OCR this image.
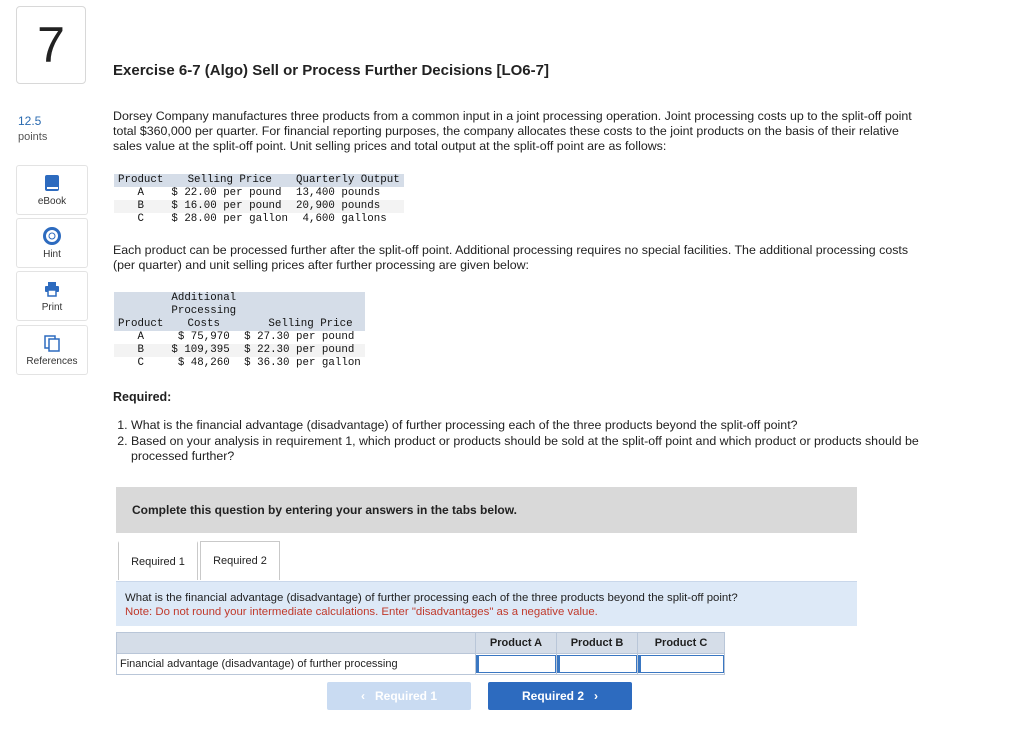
7
12.5
points
eBook
Hint
Print
References
Exercise 6-7 (Algo) Sell or Process Further Decisions [LO6-7]
Dorsey Company manufactures three products from a common input in a joint processing operation. Joint processing costs up to the split-off point total $360,000 per quarter. For financial reporting purposes, the company allocates these costs to the joint products on the basis of their relative sales value at the split-off point. Unit selling prices and total output at the split-off point are as follows:
Product	Selling Price	Quarterly Output
A	$ 22.00 per pound	13,400 pounds
B	$ 16.00 per pound	20,900 pounds
C	$ 28.00 per gallon	4,600 gallons
Each product can be processed further after the split-off point. Additional processing requires no special facilities. The additional processing costs (per quarter) and unit selling prices after further processing are given below:
Product	Additional
Processing
Costs	Selling Price
A	$ 75,970	$ 27.30 per pound
B	$ 109,395	$ 22.30 per pound
C	$ 48,260	$ 36.30 per gallon
Required:
1. What is the financial advantage (disadvantage) of further processing each of the three products beyond the split-off point?
2. Based on your analysis in requirement 1, which product or products should be sold at the split-off point and which product or products should be processed further?
Complete this question by entering your answers in the tabs below.
Required 1	Required 2
What is the financial advantage (disadvantage) of further processing each of the three products beyond the split-off point?
Note: Do not round your intermediate calculations. Enter "disadvantages" as a negative value.
	Product A	Product B	Product C
Financial advantage (disadvantage) of further processing			
‹ Required 1	Required 2 ›
